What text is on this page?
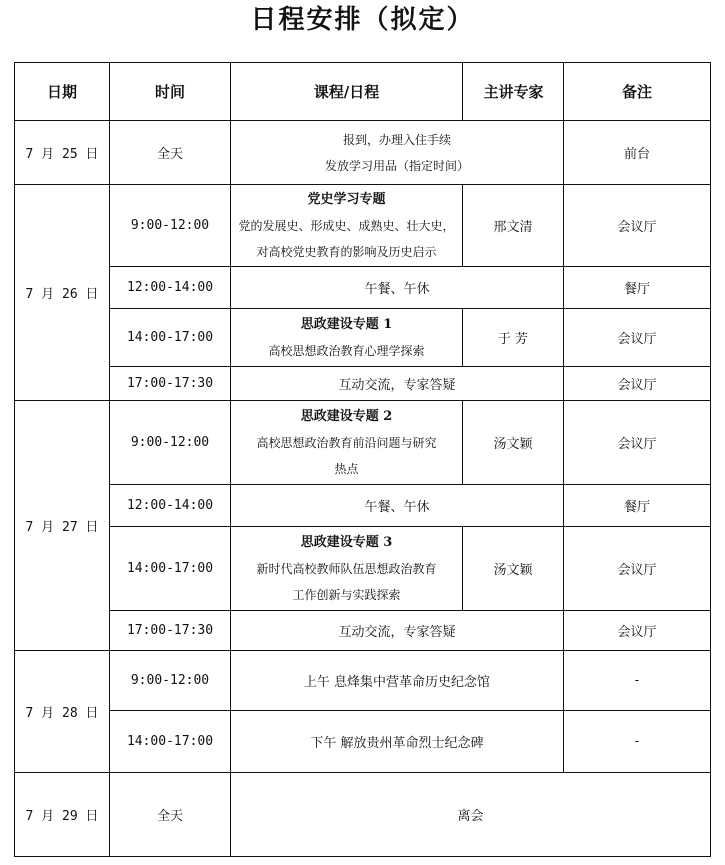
日程安排（拟定）
日期	时间	课程/日程 主讲专家		备注
7 月 25 日	全天	报到，办理入住手续
发放学习用品（指定时间）		前台
7 月 26 日	9:00-12:00	党史学习专题
党的发展史、形成史、成熟史、壮大史，
对高校党史教育的影响及历史启示	邢文清	会议厅
	12:00-14:00	午餐、午休		餐厅
	14:00-17:00	思政建设专题 1
高校思想政治教育心理学探索	于 芳	会议厅
	17:00-17:30	互动交流，专家答疑		会议厅
7 月 27 日	9:00-12:00	思政建设专题 2
高校思想政治教育前沿问题与研究
热点	汤文颖	会议厅
	12:00-14:00	午餐、午休		餐厅
	14:00-17:00	思政建设专题 3
新时代高校教师队伍思想政治教育
工作创新与实践探索	汤文颖	会议厅
	17:00-17:30	互动交流，专家答疑		会议厅
7 月 28 日	9:00-12:00	上午 息烽集中营革命历史纪念馆		-
	14:00-17:00	下午 解放贵州革命烈士纪念碑		-
7 月 29 日	全天	离会		
